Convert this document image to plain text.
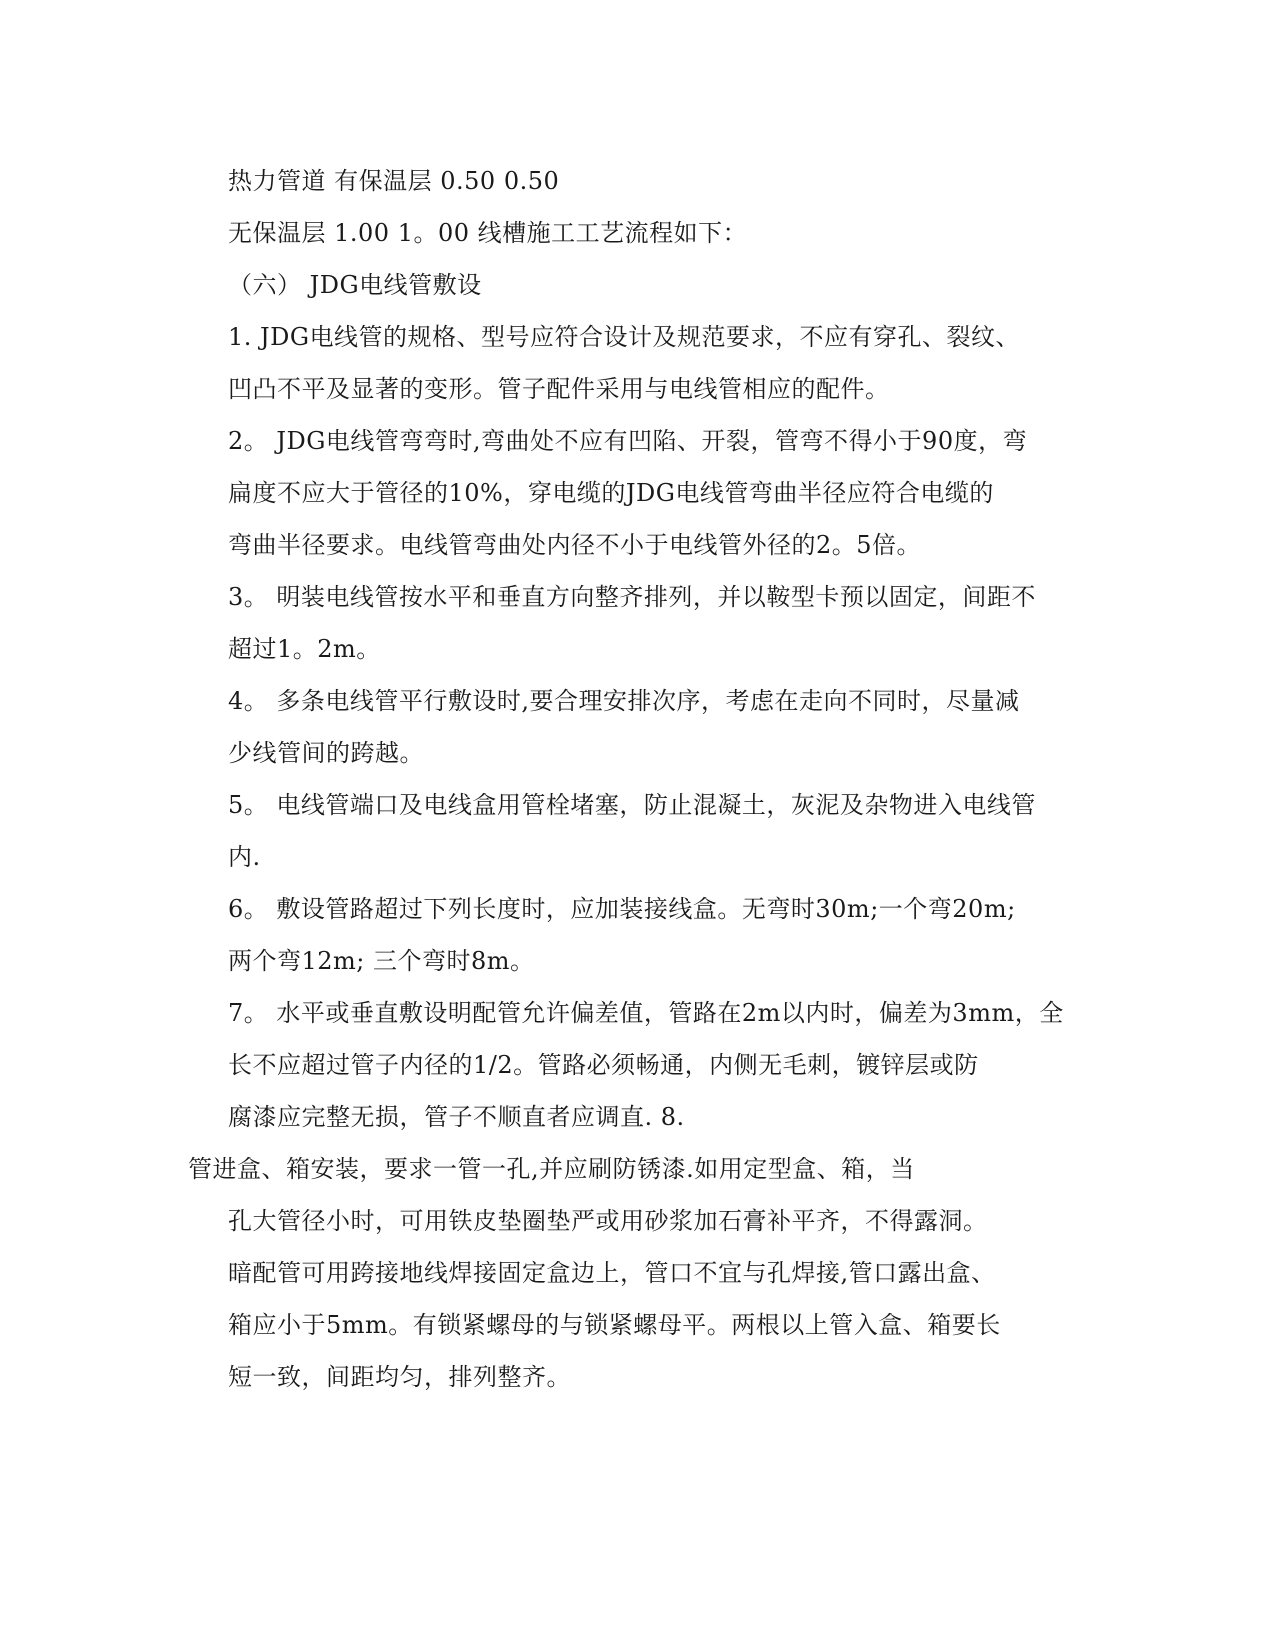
热力管道 有保温层 0.50 0.50
无保温层 1.00 1。00 线槽施工工艺流程如下：
（六） JDG电线管敷设
1. JDG电线管的规格、型号应符合设计及规范要求，不应有穿孔、裂纹、
凹凸不平及显著的变形。管子配件采用与电线管相应的配件。
2。 JDG电线管弯弯时,弯曲处不应有凹陷、开裂，管弯不得小于90度，弯
扁度不应大于管径的10%，穿电缆的JDG电线管弯曲半径应符合电缆的
弯曲半径要求。电线管弯曲处内径不小于电线管外径的2。5倍。
3。 明装电线管按水平和垂直方向整齐排列，并以鞍型卡预以固定，间距不
超过1。2m。
4。 多条电线管平行敷设时,要合理安排次序，考虑在走向不同时，尽量减
少线管间的跨越。
5。 电线管端口及电线盒用管栓堵塞，防止混凝土，灰泥及杂物进入电线管
内.
6。 敷设管路超过下列长度时，应加装接线盒。无弯时30m;一个弯20m;
两个弯12m; 三个弯时8m。
7。 水平或垂直敷设明配管允许偏差值，管路在2m以内时，偏差为3mm，全
长不应超过管子内径的1/2。管路必须畅通，内侧无毛刺，镀锌层或防
腐漆应完整无损，管子不顺直者应调直. 8.
管进盒、箱安装，要求一管一孔,并应刷防锈漆.如用定型盒、箱，当
孔大管径小时，可用铁皮垫圈垫严或用砂浆加石膏补平齐，不得露洞。
暗配管可用跨接地线焊接固定盒边上，管口不宜与孔焊接,管口露出盒、
箱应小于5mm。有锁紧螺母的与锁紧螺母平。两根以上管入盒、箱要长
短一致，间距均匀，排列整齐。
